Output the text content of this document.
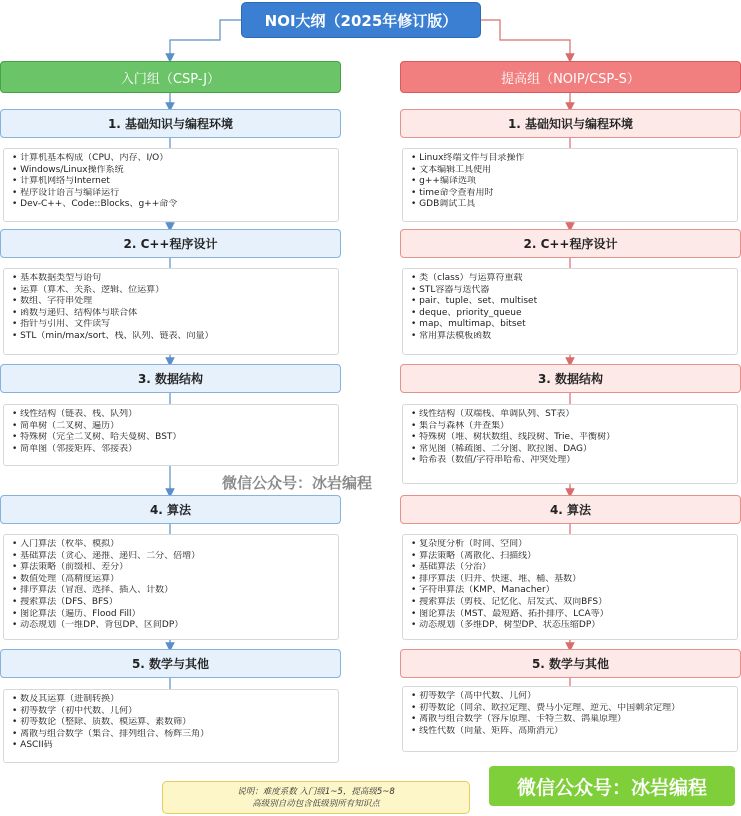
NOI大纲（2025年修订版）
入门组（CSP-J）	提高组（NOIP/CSP-S）
1. 基础知识与编程环境
• 计算机基本构成（CPU、内存、I/O）
• Windows/Linux操作系统
• 计算机网络与Internet
• 程序设计语言与编译运行
• Dev-C++、Code::Blocks、g++命令
2. C++程序设计
• 基本数据类型与语句
• 运算（算术、关系、逻辑、位运算）
• 数组、字符串处理
• 函数与递归、结构体与联合体
• 指针与引用、文件读写
• STL（min/max/sort、栈、队列、链表、向量）
3. 数据结构
• 线性结构（链表、栈、队列）
• 简单树（二叉树、遍历）
• 特殊树（完全二叉树、哈夫曼树、BST）
• 简单图（邻接矩阵、邻接表）
4. 算法
• 入门算法（枚举、模拟）
• 基础算法（贪心、递推、递归、二分、倍增）
• 算法策略（前缀和、差分）
• 数值处理（高精度运算）
• 排序算法（冒泡、选择、插入、计数）
• 搜索算法（DFS、BFS）
• 图论算法（遍历、Flood Fill）
• 动态规划（一维DP、背包DP、区间DP）
5. 数学与其他
• 数及其运算（进制转换）
• 初等数学（初中代数、几何）
• 初等数论（整除、质数、模运算、素数筛）
• 离散与组合数学（集合、排列组合、杨辉三角）
• ASCII码
1. 基础知识与编程环境
• Linux终端文件与目录操作
• 文本编辑工具使用
• g++编译选项
• time命令查看用时
• GDB调试工具
2. C++程序设计
• 类（class）与运算符重载
• STL容器与迭代器
• pair、tuple、set、multiset
• deque、priority_queue
• map、multimap、bitset
• 常用算法模板函数
3. 数据结构
• 线性结构（双端栈、单调队列、ST表）
• 集合与森林（并查集）
• 特殊树（堆、树状数组、线段树、Trie、平衡树）
• 常见图（稀疏图、二分图、欧拉图、DAG）
• 哈希表（数值/字符串哈希、冲突处理）
4. 算法
• 复杂度分析（时间、空间）
• 算法策略（离散化、扫描线）
• 基础算法（分治）
• 排序算法（归并、快速、堆、桶、基数）
• 字符串算法（KMP、Manacher）
• 搜索算法（剪枝、记忆化、启发式、双向BFS）
• 图论算法（MST、最短路、拓扑排序、LCA等）
• 动态规划（多维DP、树型DP、状态压缩DP）
5. 数学与其他
• 初等数学（高中代数、几何）
• 初等数论（同余、欧拉定理、费马小定理、逆元、中国剩余定理）
• 离散与组合数学（容斥原理、卡特兰数、鸽巢原理）
• 线性代数（向量、矩阵、高斯消元）
说明：难度系数 入门级1~5，提高级5~8
高级别自动包含低级别所有知识点
微信公众号：冰岩编程
微信公众号：冰岩编程
